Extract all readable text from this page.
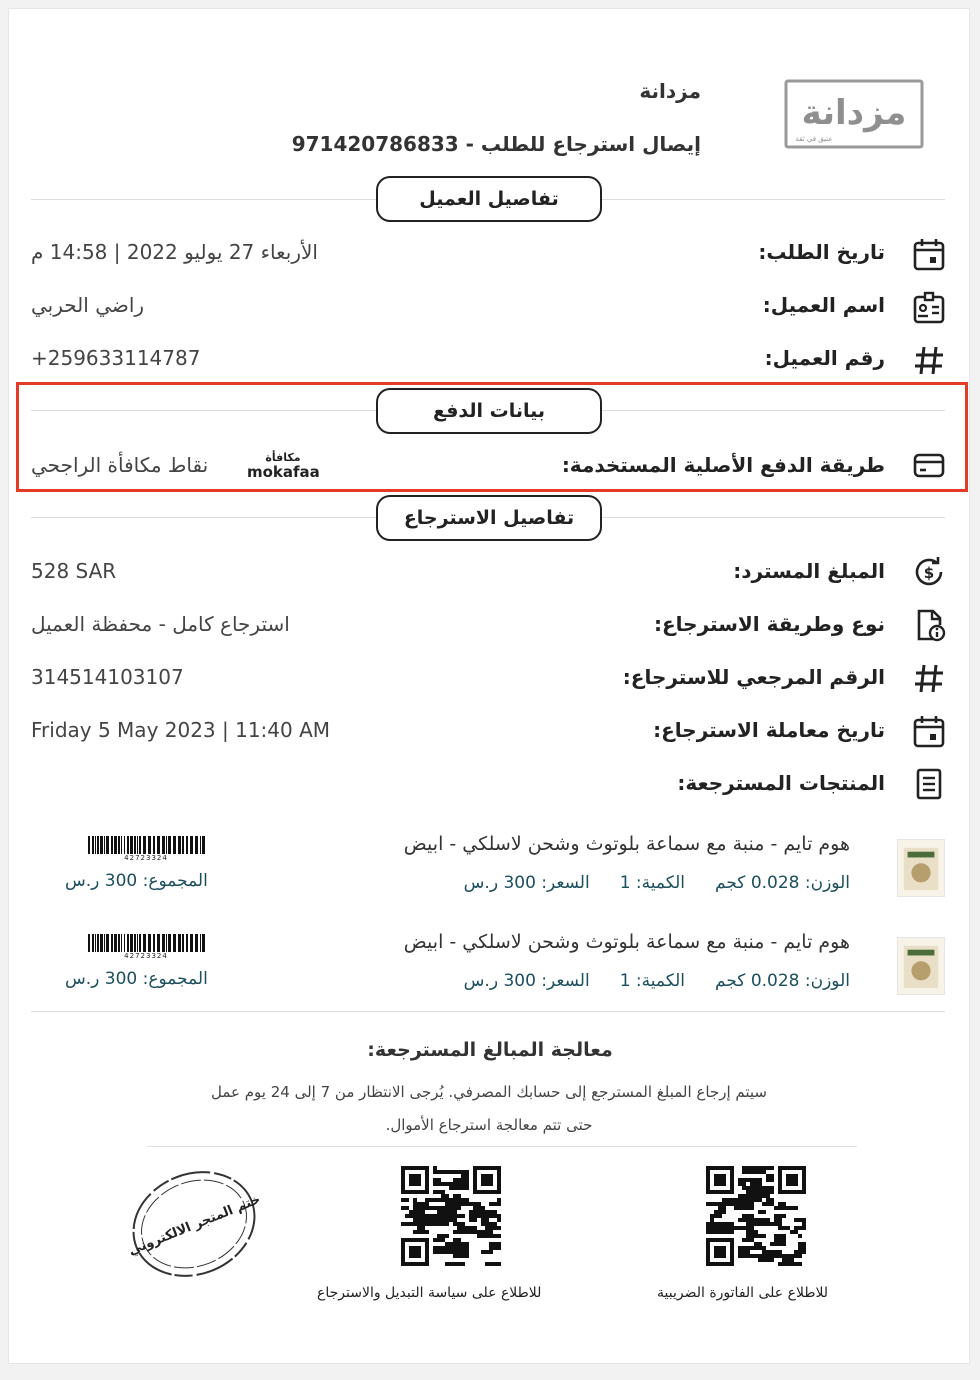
مزدانة
عتيق في ثقة
مزدانة
إيصال استرجاع للطلب - 971420786833
تفاصيل العميل
تاريخ الطلب:
الأربعاء 27 يوليو 2022 | 14:58 م
اسم العميل:
راضي الحربي
رقم العميل:
+259633114787
بيانات الدفع
طريقة الدفع الأصلية المستخدمة:
مكافأة
mokafaa
نقاط مكافأة الراجحي
تفاصيل الاسترجاع
$
المبلغ المسترد:
528 SAR
نوع وطريقة الاسترجاع:
استرجاع كامل - محفظة العميل
الرقم المرجعي للاسترجاع:
314514103107
تاريخ معاملة الاسترجاع:
Friday 5 May 2023 | 11:40 AM
المنتجات المسترجعة:
هوم تايم - منبة مع سماعة بلوتوث وشحن لاسلكي - ابيض
الوزن: 0.028 كجم
الكمية: 1
السعر: 300 ر.س
42723324
المجموع: 300 ر.س
هوم تايم - منبة مع سماعة بلوتوث وشحن لاسلكي - ابيض
الوزن: 0.028 كجم
الكمية: 1
السعر: 300 ر.س
42723324
المجموع: 300 ر.س
معالجة المبالغ المسترجعة:
سيتم إرجاع المبلغ المسترجع إلى حسابك المصرفي. يُرجى الانتظار من 7 إلى 24 يوم عمل
حتى تتم معالجة استرجاع الأموال.
للاطلاع على الفاتورة الضريبية
للاطلاع على سياسة التبديل والاسترجاع
ختم المتجر الالكتروني
